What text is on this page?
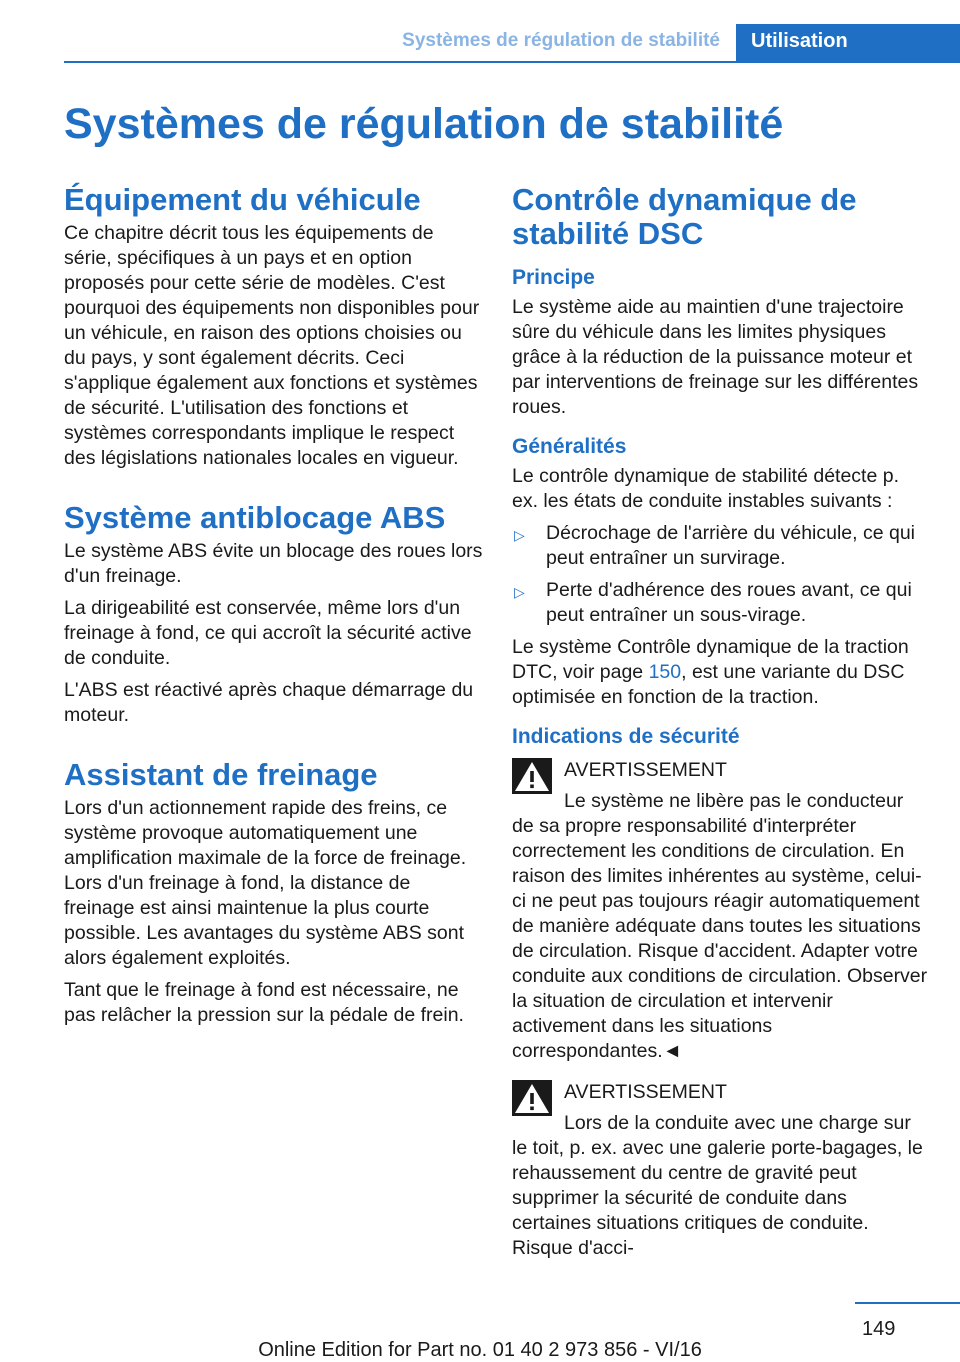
Systèmes de régulation de stabilité	Utilisation
Systèmes de régulation de stabilité
Équipement du véhicule

Ce chapitre décrit tous les équipements de série, spécifiques à un pays et en option proposés pour cette série de modèles. C'est pourquoi des équipements non disponibles pour un véhicule, en raison des options choisies ou du pays, y sont également décrits. Ceci s'applique également aux fonctions et systèmes de sécurité. L'utilisation des fonctions et systèmes correspondants implique le respect des législations nationales locales en vigueur.

Système antiblocage ABS

Le système ABS évite un blocage des roues lors d'un freinage.

La dirigeabilité est conservée, même lors d'un freinage à fond, ce qui accroît la sécurité active de conduite.

L'ABS est réactivé après chaque démarrage du moteur.

Assistant de freinage

Lors d'un actionnement rapide des freins, ce système provoque automatiquement une amplification maximale de la force de freinage. Lors d'un freinage à fond, la distance de freinage est ainsi maintenue la plus courte possible. Les avantages du système ABS sont alors également exploités.

Tant que le freinage à fond est nécessaire, ne pas relâcher la pression sur la pédale de frein.

Contrôle dynamique de stabilité DSC
Principe

Le système aide au maintien d'une trajectoire sûre du véhicule dans les limites physiques grâce à la réduction de la puissance moteur et par interventions de freinage sur les différentes roues.

Généralités

Le contrôle dynamique de stabilité détecte p. ex. les états de conduite instables suivants :

▷ Décrochage de l'arrière du véhicule, ce qui peut entraîner un survirage.
▷ Perte d'adhérence des roues avant, ce qui peut entraîner un sous-virage.

Le système Contrôle dynamique de la traction DTC, voir page 150, est une variante du DSC optimisée en fonction de la traction.

Indications de sécurité
AVERTISSEMENT
Le système ne libère pas le conducteur

de sa propre responsabilité d'interpréter correctement les conditions de circulation. En raison des limites inhérentes au système, celui-ci ne peut pas toujours réagir automatiquement de manière adéquate dans toutes les situations de circulation. Risque d'accident. Adapter votre conduite aux conditions de circulation. Observer la situation de circulation et intervenir activement dans les situations correspondantes.◄

AVERTISSEMENT
Lors de la conduite avec une charge sur

le toit, p. ex. avec une galerie porte-bagages, le rehaussement du centre de gravité peut supprimer la sécurité de conduite dans certaines situations critiques de conduite. Risque d'acci-

149
Online Edition for Part no. 01 40 2 973 856 - VI/16
